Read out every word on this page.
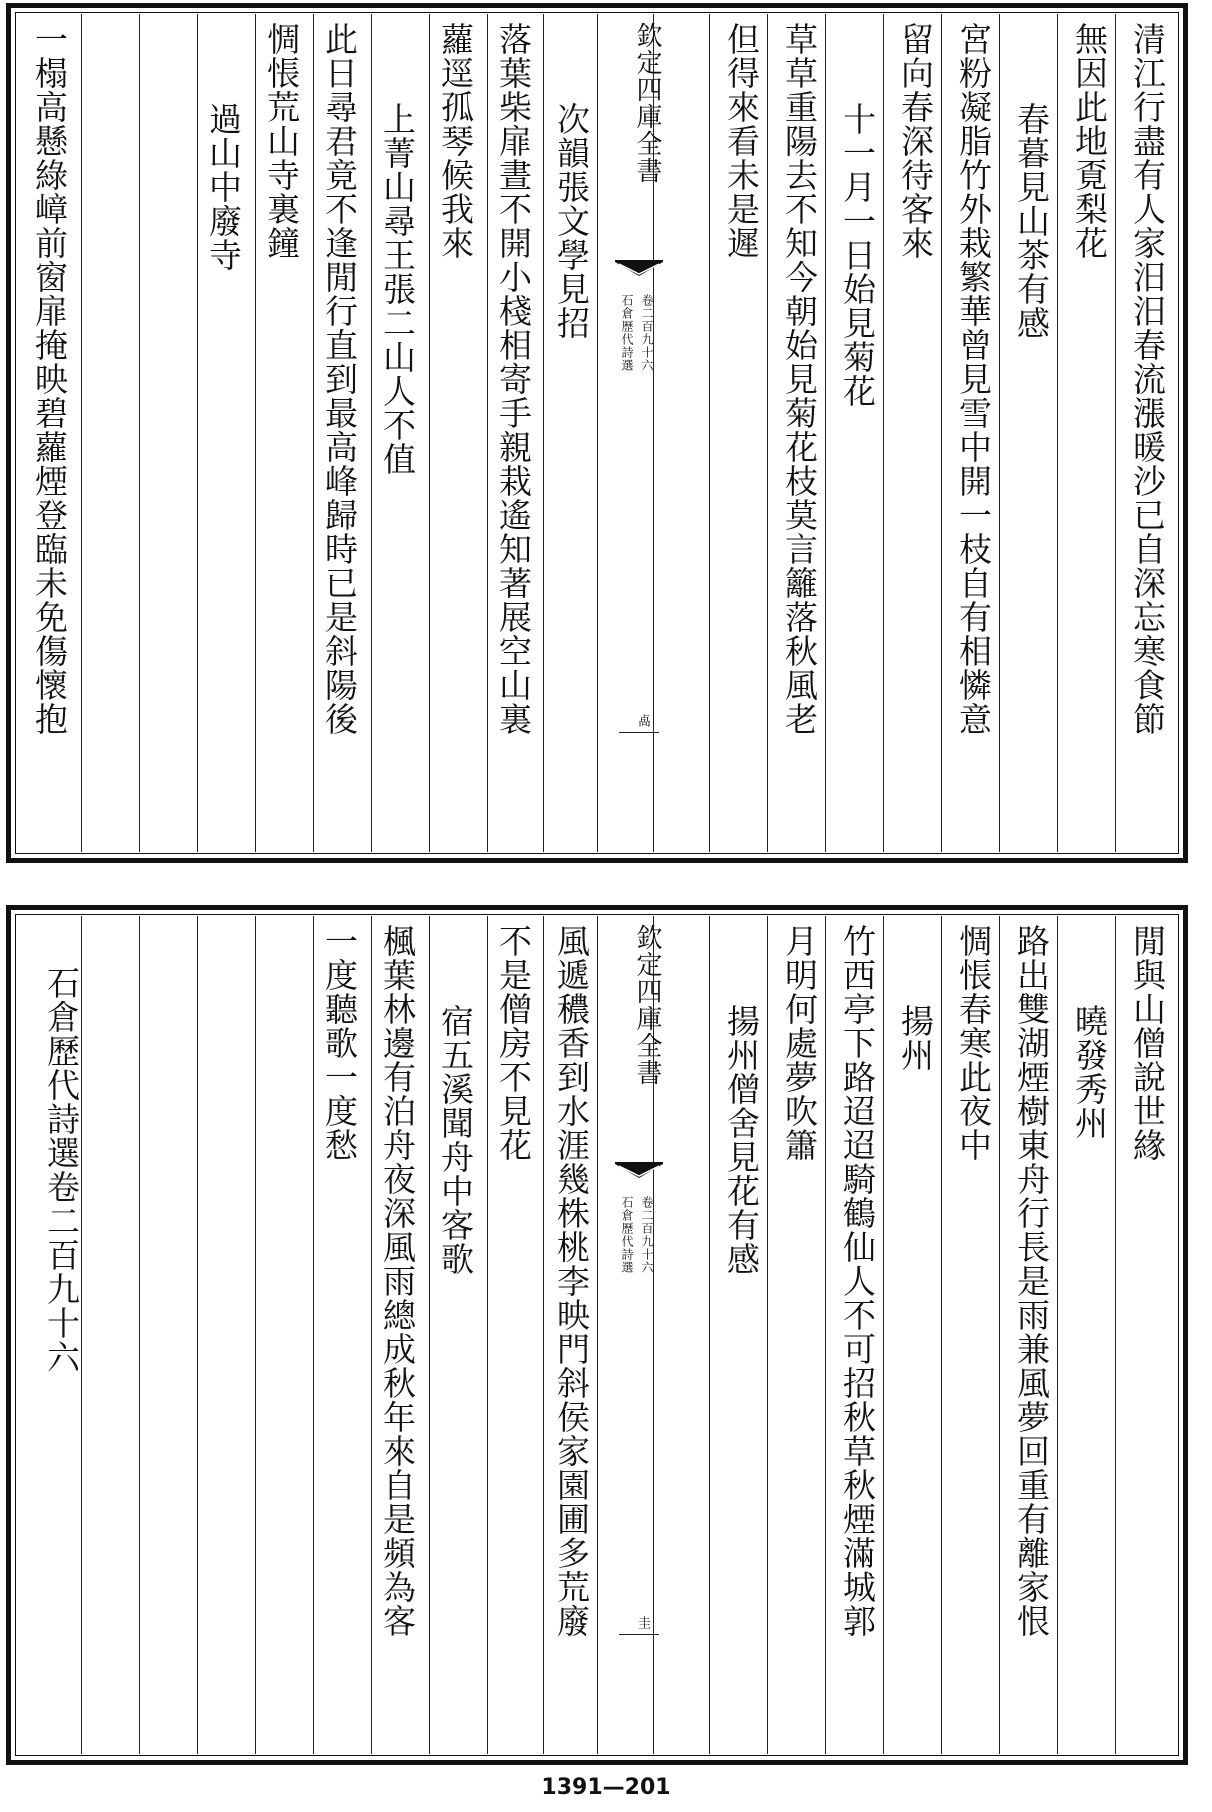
清江行盡有人家汨汨春流漲暖沙已自深忘寒食節
無因此地覔梨花
春暮見山茶有感
宮粉凝脂竹外栽繁華曾見雪中開一枝自有相憐意
留向春深待客來
十一月一日始見菊花
草草重陽去不知今朝始見菊花枝莫言籬落秋風老
但得來看未是遲
欽定四庫全書
石倉歷代詩選 卷二百九十六
卨
次韻張文學見招
落葉柴扉晝不開小棧相寄手親栽遙知著展空山裏
蘿逕孤琴候我來
上菁山尋王張二山人不值
此日尋君竟不逢閒行直到最高峰歸時已是斜陽後
惆悵荒山寺裏鐘
過山中廢寺
一榻高懸綠嶂前窗扉掩映碧蘿煙登臨未免傷懷抱
閒與山僧說世緣
曉發秀州
路出雙湖煙樹東舟行長是雨兼風夢回重有離家恨
惆悵春寒此夜中
揚州
竹西亭下路迢迢騎鶴仙人不可招秋草秋煙滿城郭
月明何處夢吹簫
揚州僧舍見花有感
欽定四庫全書
石倉歷代詩選 卷二百九十六
圭
風遞穠香到水涯幾株桃李映門斜侯家園圃多荒廢
不是僧房不見花
宿五溪聞舟中客歌
楓葉林邊有泊舟夜深風雨總成秋年來自是頻為客
一度聽歌一度愁
石倉歷代詩選卷二百九十六
1391—201
